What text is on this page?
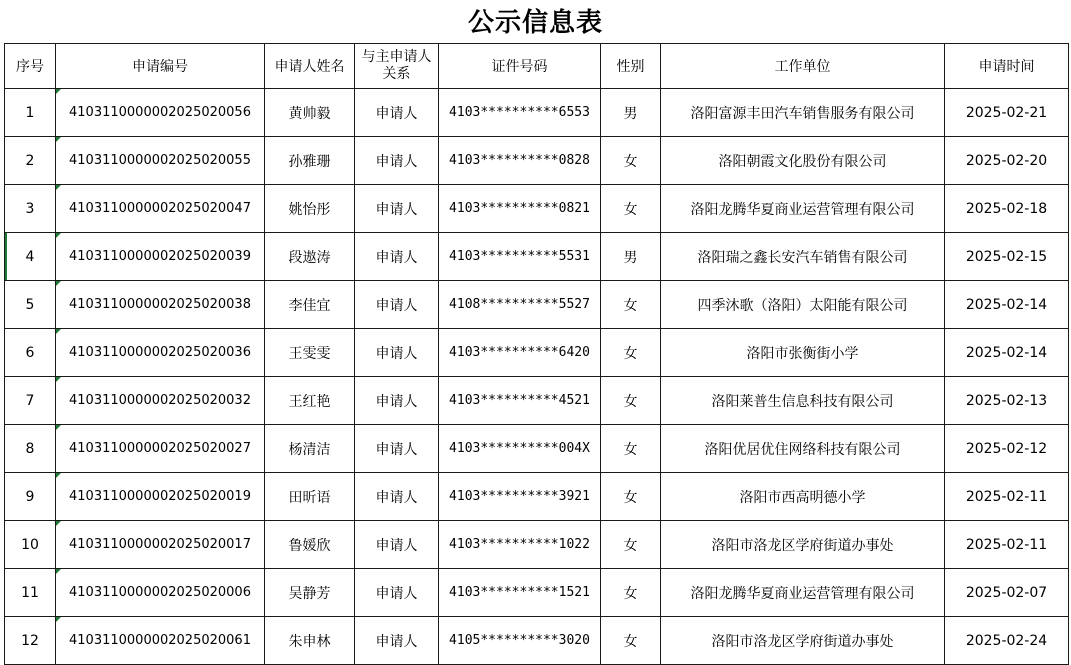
公示信息表
序号	申请编号	申请人姓名	与主申请人关系	证件号码	性别	工作单位	申请时间
1	4103110000002025020056	黄帅毅	申请人	4103**********6553	男	洛阳富源丰田汽车销售服务有限公司	2025-02-21
2	4103110000002025020055	孙雅珊	申请人	4103**********0828	女	洛阳朝霞文化股份有限公司	2025-02-20
3	4103110000002025020047	姚怡彤	申请人	4103**********0821	女	洛阳龙腾华夏商业运营管理有限公司	2025-02-18
4	4103110000002025020039	段遨涛	申请人	4103**********5531	男	洛阳瑞之鑫长安汽车销售有限公司	2025-02-15
5	4103110000002025020038	李佳宜	申请人	4108**********5527	女	四季沐歌（洛阳）太阳能有限公司	2025-02-14
6	4103110000002025020036	王雯雯	申请人	4103**********6420	女	洛阳市张衡街小学	2025-02-14
7	4103110000002025020032	王红艳	申请人	4103**********4521	女	洛阳莱普生信息科技有限公司	2025-02-13
8	4103110000002025020027	杨清洁	申请人	4103**********004X	女	洛阳优居优住网络科技有限公司	2025-02-12
9	4103110000002025020019	田昕语	申请人	4103**********3921	女	洛阳市西高明德小学	2025-02-11
10	4103110000002025020017	鲁媛欣	申请人	4103**********1022	女	洛阳市洛龙区学府街道办事处	2025-02-11
11	4103110000002025020006	吴静芳	申请人	4103**********1521	女	洛阳龙腾华夏商业运营管理有限公司	2025-02-07
12	4103110000002025020061	朱申林	申请人	4105**********3020	女	洛阳市洛龙区学府街道办事处	2025-02-24
